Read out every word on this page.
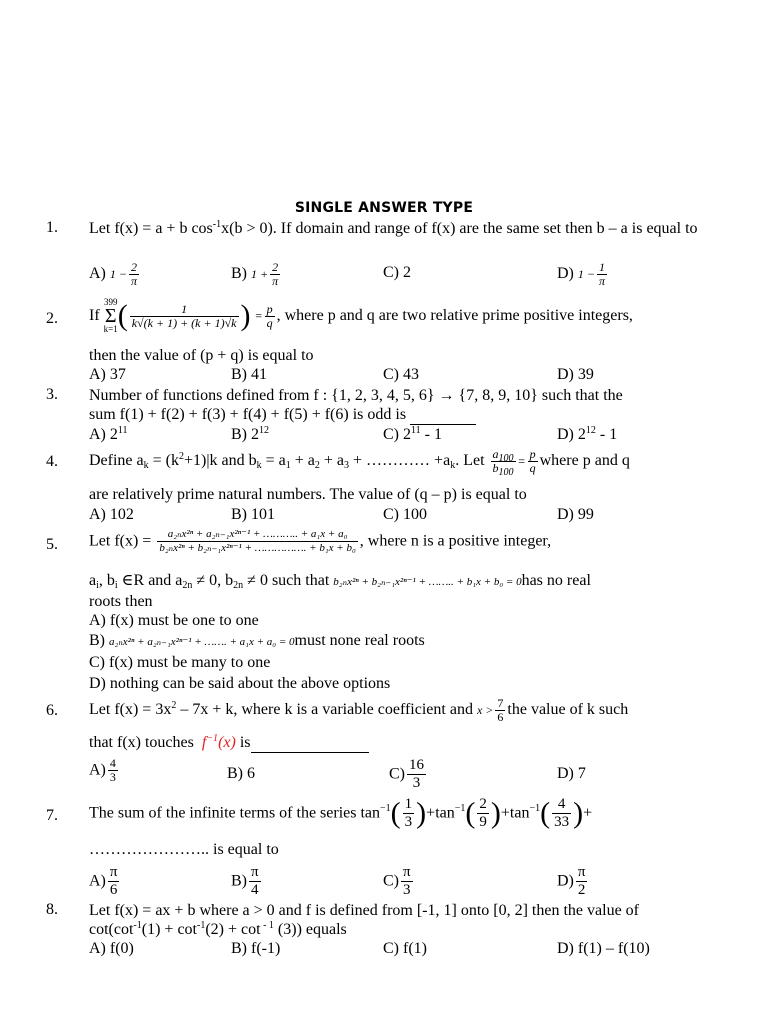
SINGLE ANSWER TYPE
1. Let f(x) = a + b $\cos^{-1}x(b > 0)$. If domain and range of f(x) are the same set then b – a is equal to
A) $1 - \frac{2}{\pi}$	B) $1 + \frac{2}{\pi}$	C) 2	D) $1 - \frac{1}{\pi}$
2. If 399
Σ
$k=1( \frac{1}{k√(k + 1) + (k + 1)√k}$ ) = $\frac{p}{q}$ , where p and q are two relative prime positive integers,
then the value of (p + q) is equal to
A) 37	B) 41	C) 43	D) 39
3. Number of functions defined from f : {1, 2, 3, 4, 5, 6} → {7, 8, 9, 10} such that the
sum f(1) + f(2) + f(3) + f(4) + f(5) + f(6) is odd is
A) $2^{11}$	B) $2^{12}$	C) $2^{11} - 1$	D) $2^{12} - 1$
4. Define $a_k = (k^2+1)|k$ and $b_k = a_1 + a_2 + a_3$ + ………… $+a_k$. Let $\frac{a_{100}}{b_{100}} = \frac{p}{q}$ where p and q
are relatively prime natural numbers. The value of (q – p) is equal to
A) 102	B) 101	C) 100	D) 99
5. Let $f(x) = \frac{\text{a₂ₙx²ⁿ + a₂ₙ₋₁x²ⁿ⁻¹ + ……….. + a₁x + a₀}}{\text{b₂ₙx²ⁿ + b₂ₙ₋₁x²ⁿ⁻¹ + ……………. + b₁x + b₀}}$ , where n is a positive integer,
$a_i$, $b_i$ ∈R and $a_{2n} \ne 0$, $b_{2n} \ne 0$ such that b₂ₙx²ⁿ + b₂ₙ₋₁x²ⁿ⁻¹ + …….. + b₁x + b₀ = 0has no real
roots then
A) f(x) must be one to one
B) a₂ₙx²ⁿ + a₂ₙ₋₁x²ⁿ⁻¹ + ……. + a₁x + a₀ = 0must none real roots
C) f(x) must be many to one
D) nothing can be said about the above options
6. Let $f(x) = 3x^2 - 7x + k$, where k is a variable coefficient and $x > \frac{7}{6}$ the value of k such
that f(x) touches $f^{-1}(x)$ is
$A) \frac{4}{3}$	B) 6	$C) \frac{16}{3}$	D) 7
7. The sum of the infinite terms of the series $\tan^{-1}( \frac{1}{3} )+\tan^{-1}( \frac{2}{9} )+\tan^{-1}( \frac{4}{33}$ )+
………………….. is equal to
$A) \frac{\pi}{6}$	$B) \frac{\pi}{4}$	$C) \frac{\pi}{3}$	$D) \frac{\pi}{2}$
8. Let f(x) = ax + b where a > 0 and f is defined from [-1, 1] onto [0, 2] then the value of
$\cot(\cot^{-1}(1) + \cot^{-1}(2) + \cot ^{- 1}$ (3)) equals
A) f(0)	B) f(-1)	C) f(1)	D) f(1) – f(10)
